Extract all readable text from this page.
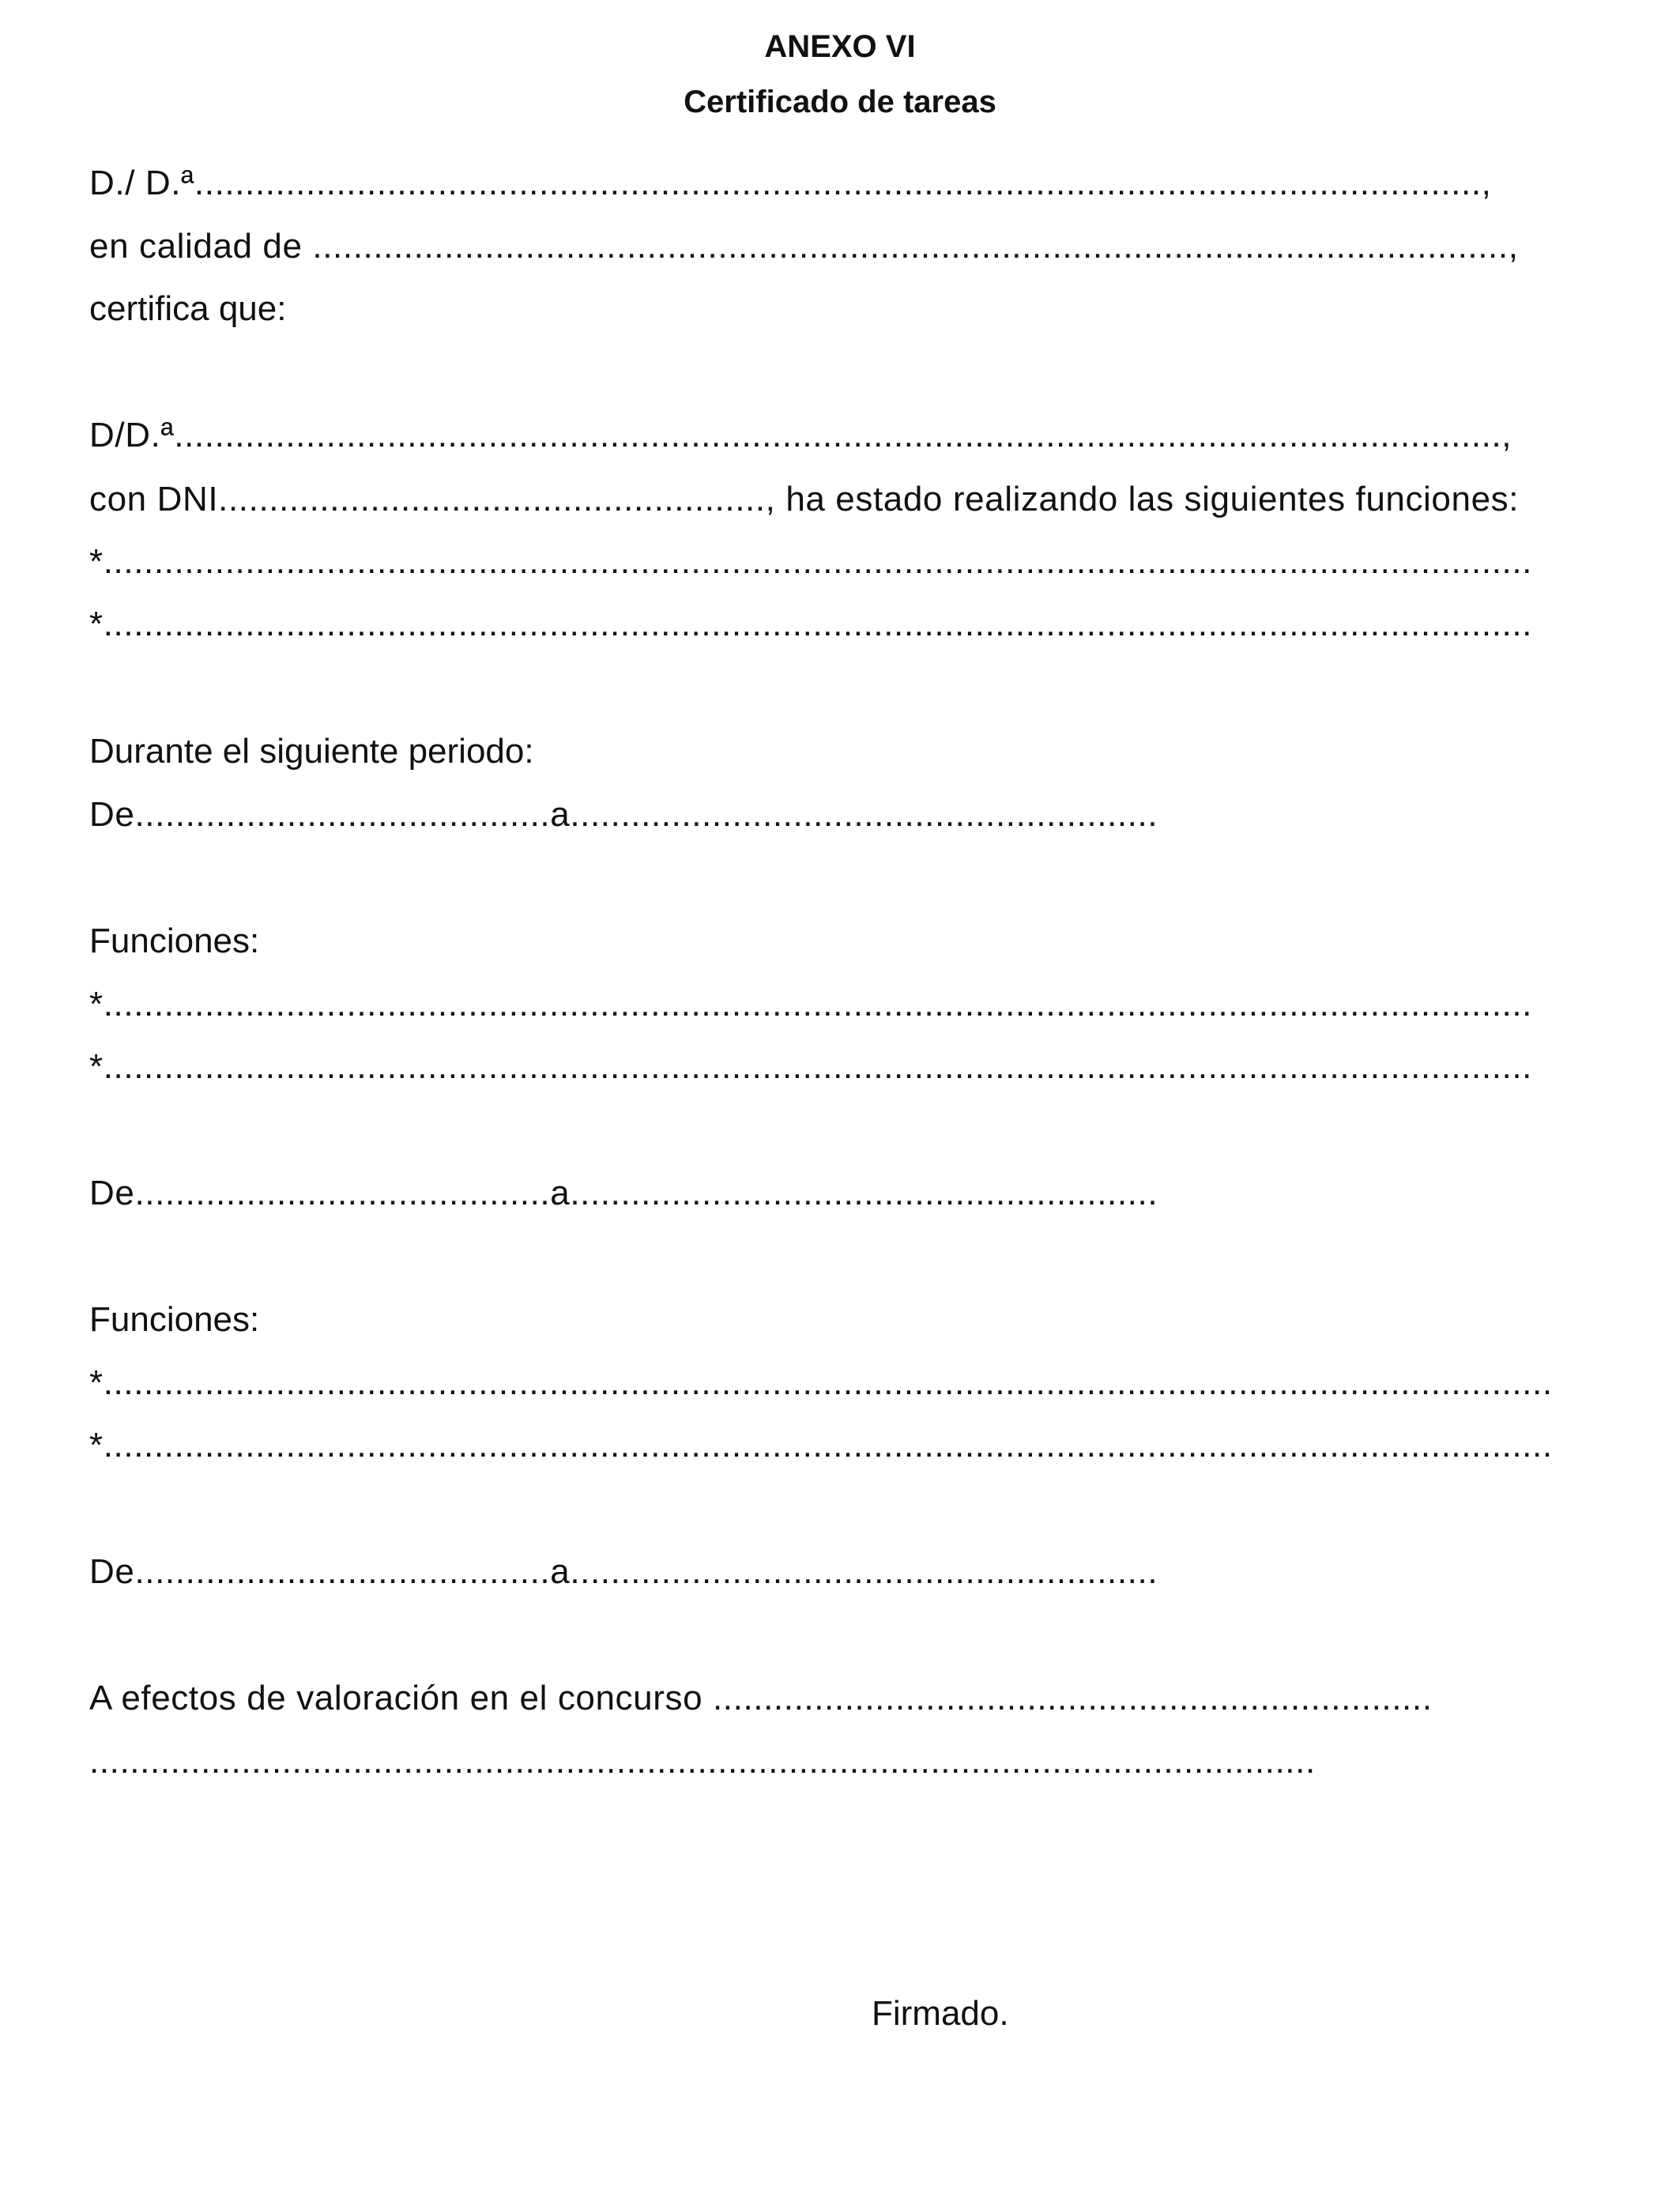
ANEXO VI
Certificado de tareas

D./ D.ª...............................................................................................................................,

en calidad de ......................................................................................................................,

certifica que:

D/D.ª...................................................................................................................................,

con DNI......................................................, ha estado realizando las siguientes funciones:

*.............................................................................................................................................

*.............................................................................................................................................

Durante el siguiente periodo:

De.........................................a..........................................................

Funciones:

*.............................................................................................................................................

*.............................................................................................................................................

De.........................................a..........................................................

Funciones:

*...............................................................................................................................................

*...............................................................................................................................................

De.........................................a..........................................................

A efectos de valoración en el concurso .......................................................................

.........................................................................................................................

Firmado.
